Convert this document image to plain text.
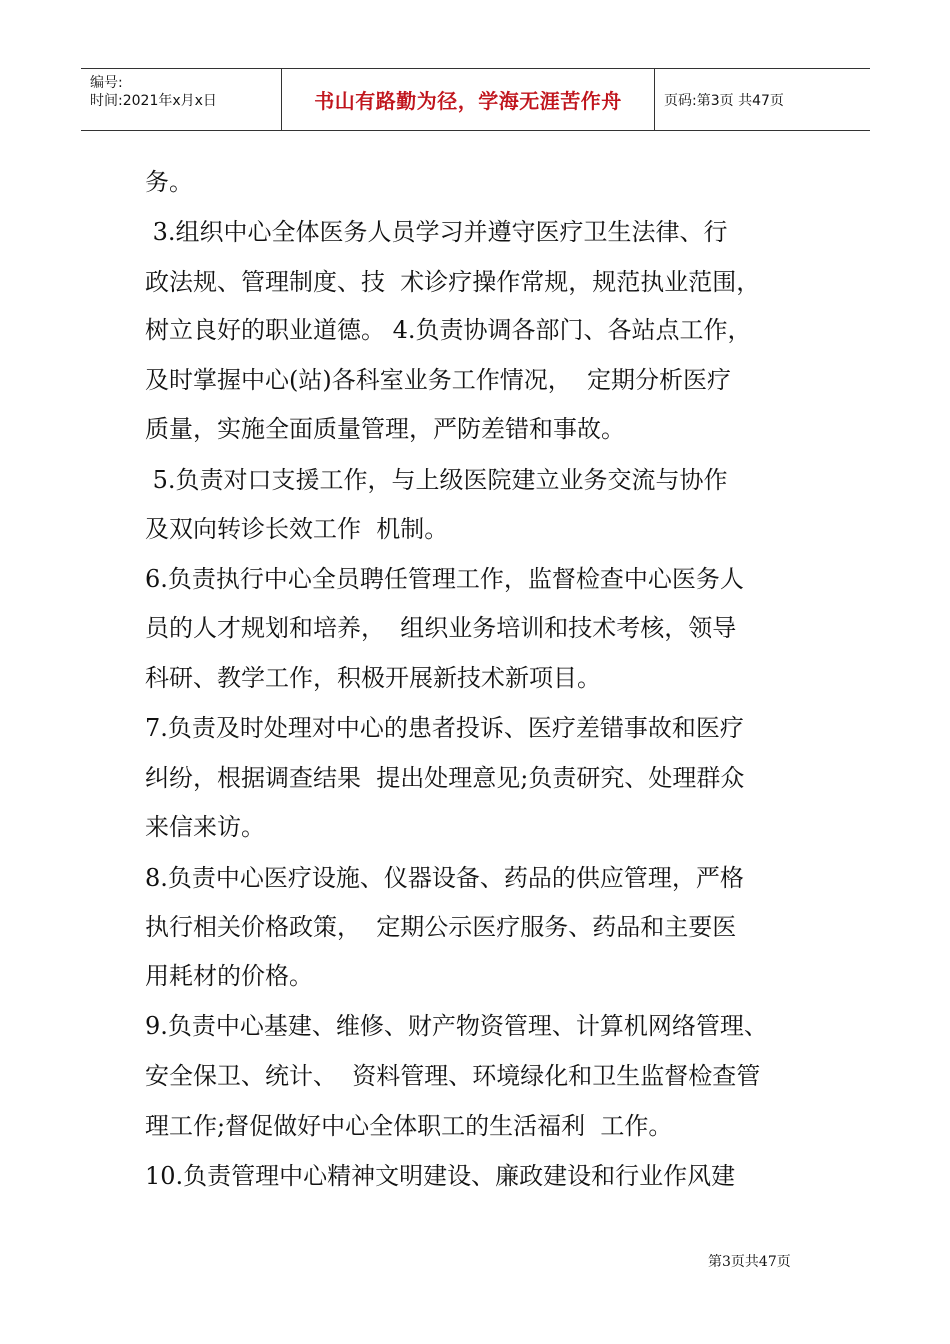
编号:
时间:2021年x月x日	书山有路勤为径，学海无涯苦作舟	页码:第3页 共47页

务。

3.组织中心全体医务人员学习并遵守医疗卫生法律、行

政法规、管理制度、技  术诊疗操作常规，规范执业范围，

树立良好的职业道德。 4.负责协调各部门、各站点工作，

及时掌握中心(站)各科室业务工作情况，  定期分析医疗

质量，实施全面质量管理，严防差错和事故。

5.负责对口支援工作，与上级医院建立业务交流与协作

及双向转诊长效工作  机制。

6.负责执行中心全员聘任管理工作，监督检查中心医务人

员的人才规划和培养，  组织业务培训和技术考核，领导

科研、教学工作，积极开展新技术新项目。

7.负责及时处理对中心的患者投诉、医疗差错事故和医疗

纠纷，根据调查结果  提出处理意见;负责研究、处理群众

来信来访。

8.负责中心医疗设施、仪器设备、药品的供应管理，严格

执行相关价格政策，  定期公示医疗服务、药品和主要医

用耗材的价格。

9.负责中心基建、维修、财产物资管理、计算机网络管理、

安全保卫、统计、  资料管理、环境绿化和卫生监督检查管

理工作;督促做好中心全体职工的生活福利  工作。

10.负责管理中心精神文明建设、廉政建设和行业作风建

第3页共47页
